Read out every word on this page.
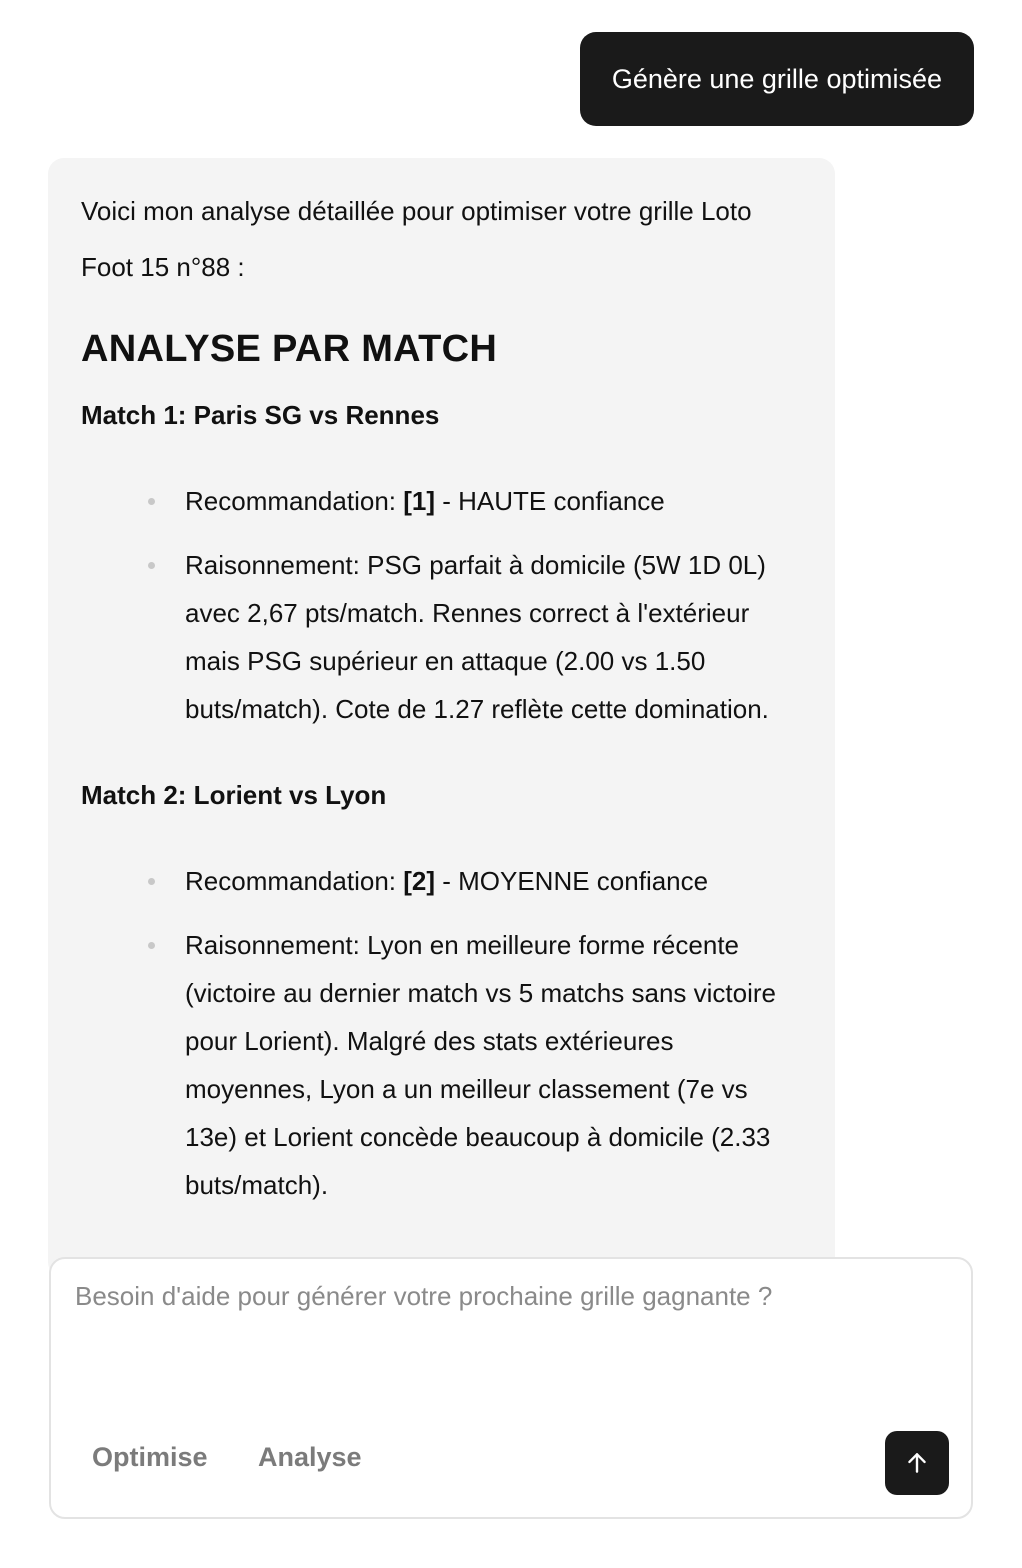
Génère une grille optimisée

Voici mon analyse détaillée pour optimiser votre grille Loto Foot 15 n°88 :

ANALYSE PAR MATCH

Match 1: Paris SG vs Rennes

Recommandation: [1] - HAUTE confiance
Raisonnement: PSG parfait à domicile (5W 1D 0L) avec 2,67 pts/match. Rennes correct à l'extérieur mais PSG supérieur en attaque (2.00 vs 1.50 buts/match). Cote de 1.27 reflète cette domination.

Match 2: Lorient vs Lyon

Recommandation: [2] - MOYENNE confiance
Raisonnement: Lyon en meilleure forme récente (victoire au dernier match vs 5 matchs sans victoire pour Lorient). Malgré des stats extérieures moyennes, Lyon a un meilleur classement (7e vs 13e) et Lorient concède beaucoup à domicile (2.33 buts/match).
Besoin d'aide pour générer votre prochaine grille gagnante ?
Optimise Analyse
